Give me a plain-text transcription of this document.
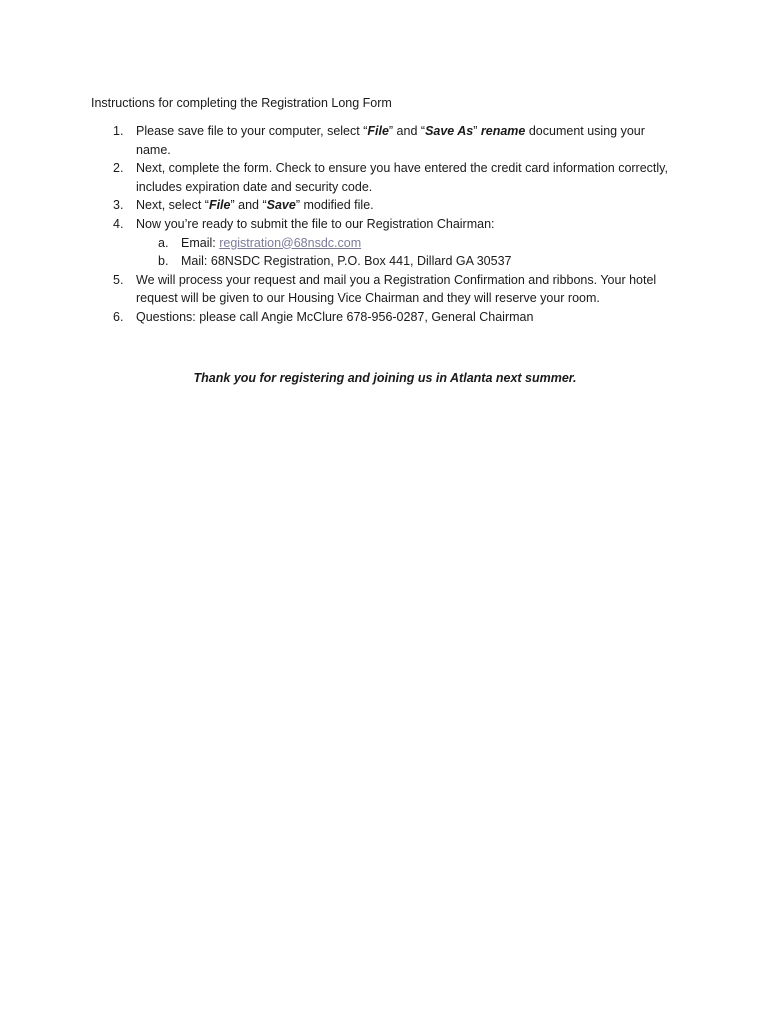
Instructions for completing the Registration Long Form
1. Please save file to your computer, select “File” and “Save As” rename document using your name.
2. Next, complete the form. Check to ensure you have entered the credit card information correctly, includes expiration date and security code.
3. Next, select “File” and “Save” modified file.
4. Now you’re ready to submit the file to our Registration Chairman:
a. Email: registration@68nsdc.com
b. Mail: 68NSDC Registration, P.O. Box 441, Dillard GA 30537
5. We will process your request and mail you a Registration Confirmation and ribbons. Your hotel request will be given to our Housing Vice Chairman and they will reserve your room.
6. Questions: please call Angie McClure 678-956-0287, General Chairman
Thank you for registering and joining us in Atlanta next summer.
